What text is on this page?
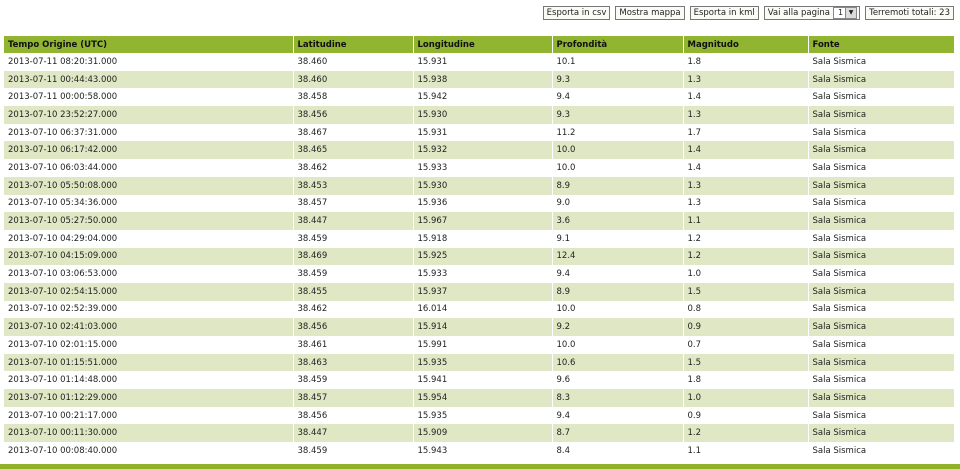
Esporta in csv	Mostra mappa	Esporta in kml	Vai alla pagina 1 ▼	Terremoti totali: 23
Tempo Origine (UTC)	Latitudine	Longitudine	Profondità	Magnitudo	Fonte
2013-07-11 08:20:31.000	38.460	15.931	10.1	1.8	Sala Sismica
2013-07-11 00:44:43.000	38.460	15.938	9.3	1.3	Sala Sismica
2013-07-11 00:00:58.000	38.458	15.942	9.4	1.4	Sala Sismica
2013-07-10 23:52:27.000	38.456	15.930	9.3	1.3	Sala Sismica
2013-07-10 06:37:31.000	38.467	15.931	11.2	1.7	Sala Sismica
2013-07-10 06:17:42.000	38.465	15.932	10.0	1.4	Sala Sismica
2013-07-10 06:03:44.000	38.462	15.933	10.0	1.4	Sala Sismica
2013-07-10 05:50:08.000	38.453	15.930	8.9	1.3	Sala Sismica
2013-07-10 05:34:36.000	38.457	15.936	9.0	1.3	Sala Sismica
2013-07-10 05:27:50.000	38.447	15.967	3.6	1.1	Sala Sismica
2013-07-10 04:29:04.000	38.459	15.918	9.1	1.2	Sala Sismica
2013-07-10 04:15:09.000	38.469	15.925	12.4	1.2	Sala Sismica
2013-07-10 03:06:53.000	38.459	15.933	9.4	1.0	Sala Sismica
2013-07-10 02:54:15.000	38.455	15.937	8.9	1.5	Sala Sismica
2013-07-10 02:52:39.000	38.462	16.014	10.0	0.8	Sala Sismica
2013-07-10 02:41:03.000	38.456	15.914	9.2	0.9	Sala Sismica
2013-07-10 02:01:15.000	38.461	15.991	10.0	0.7	Sala Sismica
2013-07-10 01:15:51.000	38.463	15.935	10.6	1.5	Sala Sismica
2013-07-10 01:14:48.000	38.459	15.941	9.6	1.8	Sala Sismica
2013-07-10 01:12:29.000	38.457	15.954	8.3	1.0	Sala Sismica
2013-07-10 00:21:17.000	38.456	15.935	9.4	0.9	Sala Sismica
2013-07-10 00:11:30.000	38.447	15.909	8.7	1.2	Sala Sismica
2013-07-10 00:08:40.000	38.459	15.943	8.4	1.1	Sala Sismica
